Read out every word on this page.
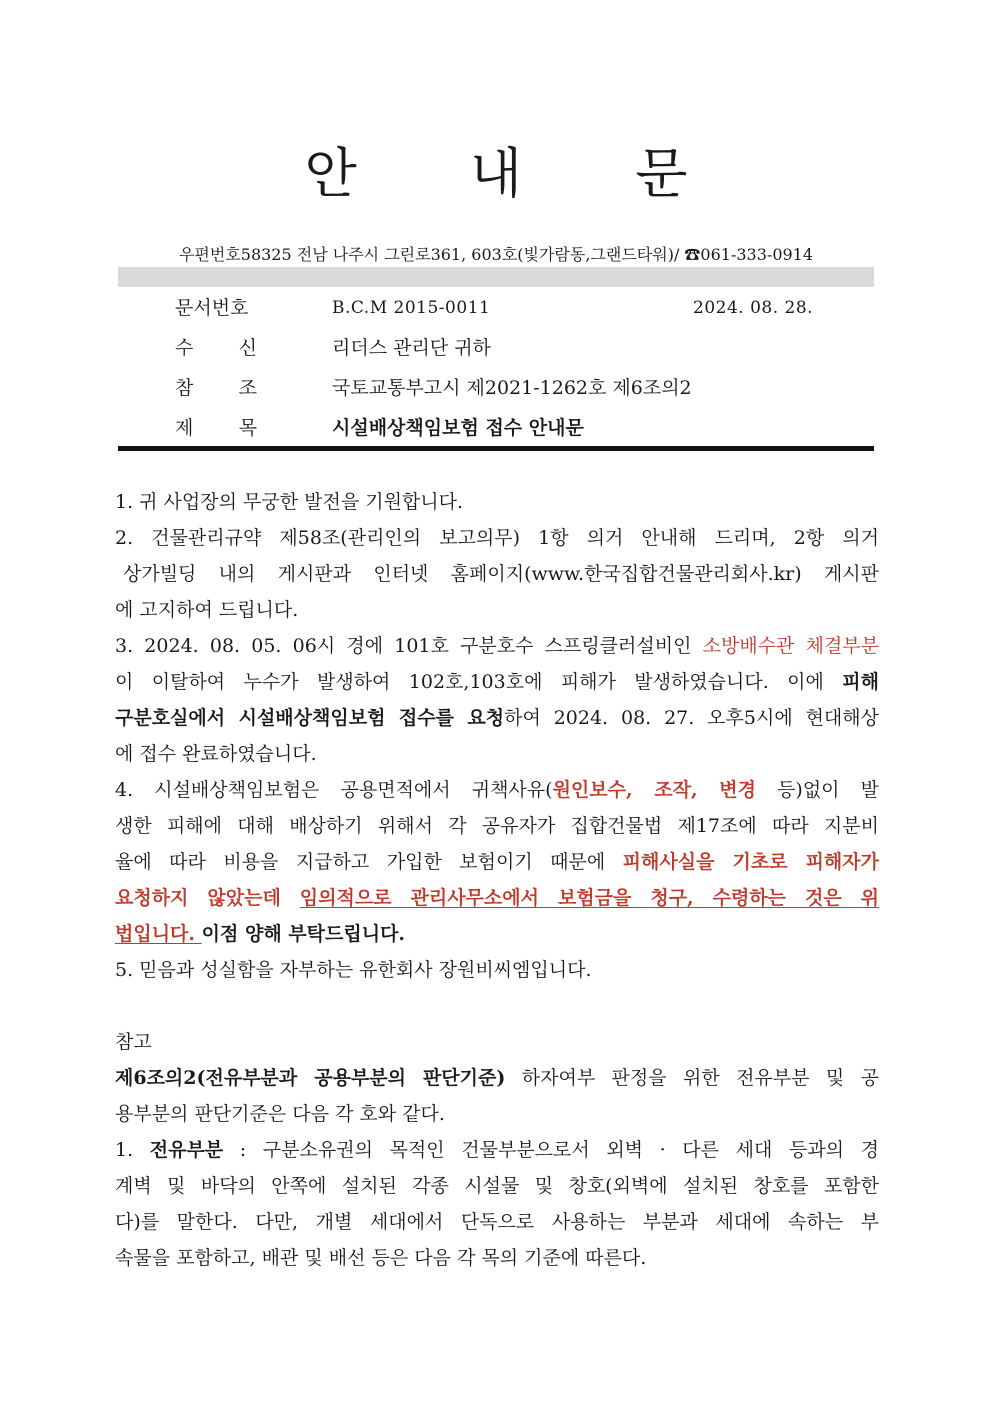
안 내 문
우편번호58325 전남 나주시 그린로361, 603호(빛가람동,그랜드타워)/ ☎061-333-0914
문서번호	B.C.M 2015-0011	2024. 08. 28.
수 신	리더스 관리단 귀하
참 조	국토교통부고시 제2021-1262호 제6조의2
제 목	시설배상책임보험 접수 안내문
1. 귀 사업장의 무궁한 발전을 기원합니다.
2. 건물관리규약 제58조(관리인의 보고의무) 1항 의거 안내해 드리며, 2항 의거
상가빌딩 내의 게시판과 인터넷 홈페이지(www.한국집합건물관리회사.kr) 게시판
에 고지하여 드립니다.
3. 2024. 08. 05. 06시 경에 101호 구분호수 스프링클러설비인 소방배수관 체결부분
이 이탈하여 누수가 발생하여 102호,103호에 피해가 발생하였습니다. 이에 피해
구분호실에서 시설배상책임보험 접수를 요청하여 2024. 08. 27. 오후5시에 현대해상
에 접수 완료하였습니다.
4. 시설배상책임보험은 공용면적에서 귀책사유(원인보수, 조작, 변경 등)없이 발
생한 피해에 대해 배상하기 위해서 각 공유자가 집합건물법 제17조에 따라 지분비
율에 따라 비용을 지급하고 가입한 보험이기 때문에 피해사실을 기초로 피해자가
요청하지 않았는데 임의적으로 관리사무소에서 보험금을 청구, 수령하는 것은 위
법입니다. 이점 양해 부탁드립니다.
5. 믿음과 성실함을 자부하는 유한회사 장원비씨엠입니다.
참고
제6조의2(전유부분과 공용부분의 판단기준) 하자여부 판정을 위한 전유부분 및 공
용부분의 판단기준은 다음 각 호와 같다.
1. 전유부분 : 구분소유권의 목적인 건물부분으로서 외벽 · 다른 세대 등과의 경
계벽 및 바닥의 안쪽에 설치된 각종 시설물 및 창호(외벽에 설치된 창호를 포함한
다)를 말한다. 다만, 개별 세대에서 단독으로 사용하는 부분과 세대에 속하는 부
속물을 포함하고, 배관 및 배선 등은 다음 각 목의 기준에 따른다.
